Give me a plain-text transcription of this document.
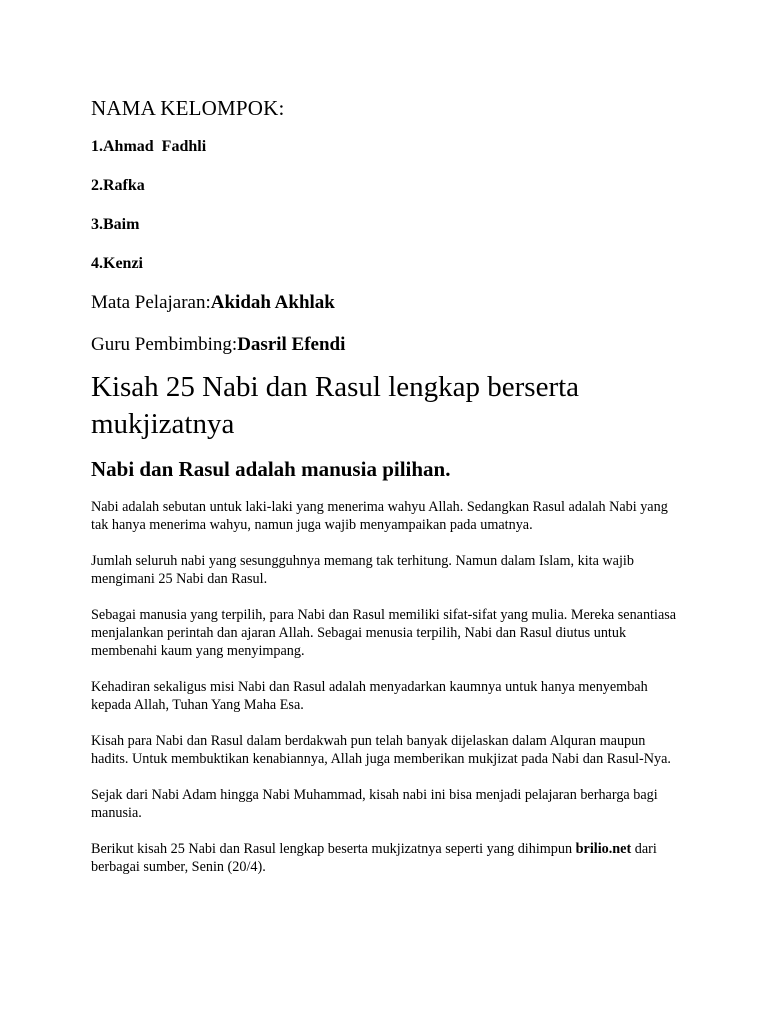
NAMA KELOMPOK:

1.Ahmad  Fadhli

2.Rafka

3.Baim

4.Kenzi

Mata Pelajaran:Akidah Akhlak

Guru Pembimbing:Dasril Efendi

Kisah 25 Nabi dan Rasul lengkap berserta mukjizatnya
Nabi dan Rasul adalah manusia pilihan.

Nabi adalah sebutan untuk laki-laki yang menerima wahyu Allah. Sedangkan Rasul adalah Nabi yang tak hanya menerima wahyu, namun juga wajib menyampaikan pada umatnya.

Jumlah seluruh nabi yang sesungguhnya memang tak terhitung. Namun dalam Islam, kita wajib mengimani 25 Nabi dan Rasul.

Sebagai manusia yang terpilih, para Nabi dan Rasul memiliki sifat-sifat yang mulia. Mereka senantiasa menjalankan perintah dan ajaran Allah. Sebagai menusia terpilih, Nabi dan Rasul diutus untuk membenahi kaum yang menyimpang.

Kehadiran sekaligus misi Nabi dan Rasul adalah menyadarkan kaumnya untuk hanya menyembah kepada Allah, Tuhan Yang Maha Esa.

Kisah para Nabi dan Rasul dalam berdakwah pun telah banyak dijelaskan dalam Alquran maupun hadits. Untuk membuktikan kenabiannya, Allah juga memberikan mukjizat pada Nabi dan Rasul-Nya.

Sejak dari Nabi Adam hingga Nabi Muhammad, kisah nabi ini bisa menjadi pelajaran berharga bagi manusia.

Berikut kisah 25 Nabi dan Rasul lengkap beserta mukjizatnya seperti yang dihimpun brilio.net dari berbagai sumber, Senin (20/4).
